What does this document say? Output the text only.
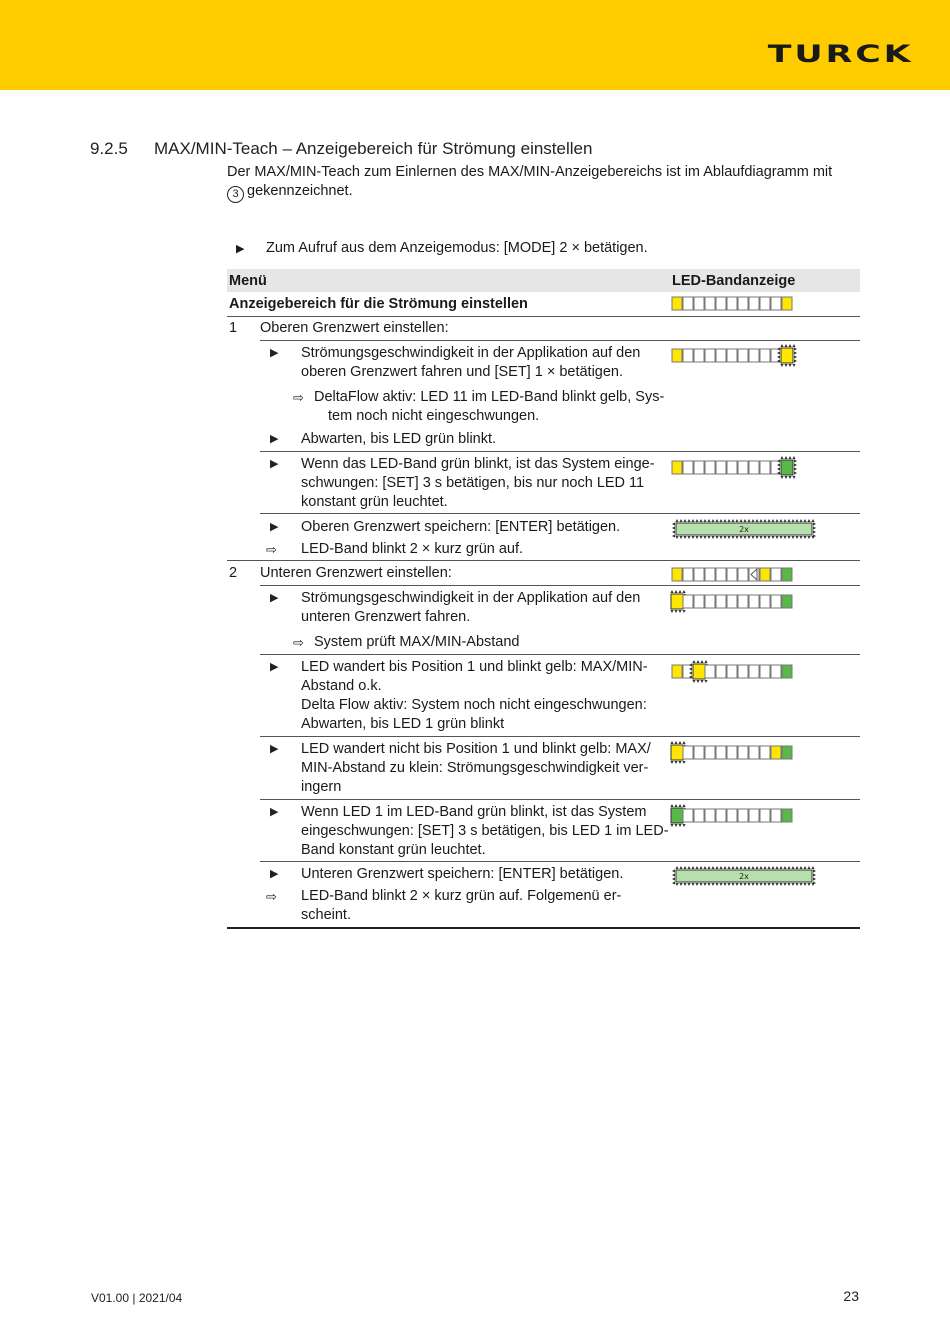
TURCK
9.2.5 MAX/MIN-Teach – Anzeigebereich für Strömung einstellen
Der MAX/MIN-Teach zum Einlernen des MAX/MIN-Anzeigebereichs ist im Ablaufdiagramm mit
3 gekennzeichnet.
▶ Zum Aufruf aus dem Anzeigemodus: [MODE] 2 × betätigen.
Menü	LED-Bandanzeige
Anzeigebereich für die Strömung einstellen
1 Oberen Grenzwert einstellen:
▶ Strömungsgeschwindigkeit in der Applikation auf den
oberen Grenzwert fahren und [SET] 1 × betätigen.
⇨ DeltaFlow aktiv: LED 11 im LED-Band blinkt gelb, Sys-
tem noch nicht eingeschwungen.
▶ Abwarten, bis LED grün blinkt.
▶ Wenn das LED-Band grün blinkt, ist das System einge-
schwungen: [SET] 3 s betätigen, bis nur noch LED 11
konstant grün leuchtet.
▶ Oberen Grenzwert speichern: [ENTER] betätigen.
⇨ LED-Band blinkt 2 × kurz grün auf.
2 Unteren Grenzwert einstellen:
▶ Strömungsgeschwindigkeit in der Applikation auf den
unteren Grenzwert fahren.
⇨ System prüft MAX/MIN-Abstand
▶ LED wandert bis Position 1 und blinkt gelb: MAX/MIN-
Abstand o.k.
Delta Flow aktiv: System noch nicht eingeschwungen:
Abwarten, bis LED 1 grün blinkt
▶ LED wandert nicht bis Position 1 und blinkt gelb: MAX/
MIN-Abstand zu klein: Strömungsgeschwindigkeit ver-
ingern
▶ Wenn LED 1 im LED-Band grün blinkt, ist das System
eingeschwungen: [SET] 3 s betätigen, bis LED 1 im LED-
Band konstant grün leuchtet.
▶ Unteren Grenzwert speichern: [ENTER] betätigen.
⇨ LED-Band blinkt 2 × kurz grün auf. Folgemenü er-
scheint.
2x
2x
V01.00 | 2021/04	23
